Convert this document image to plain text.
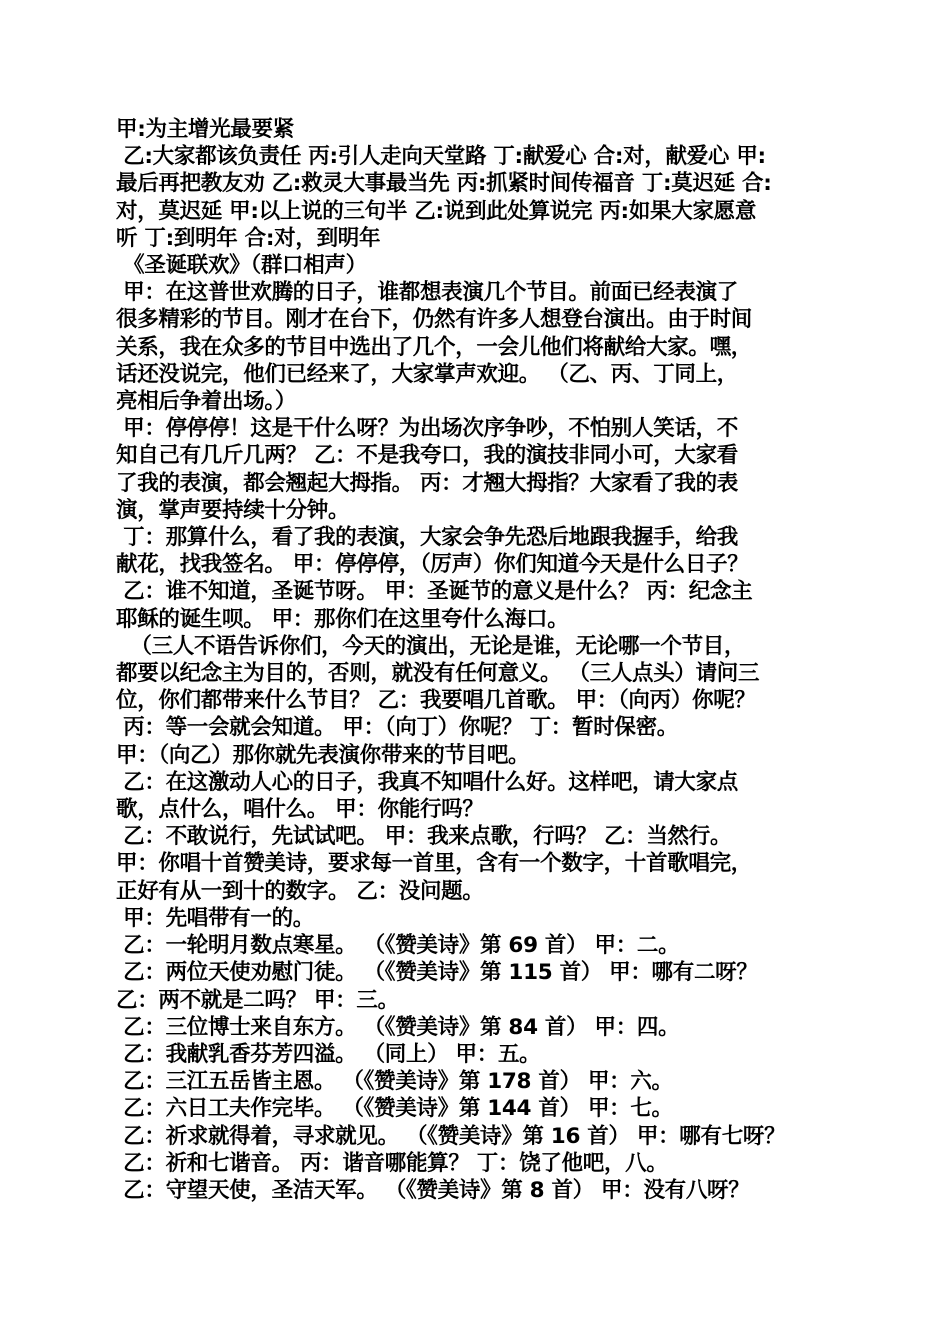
甲:为主增光最要紧

乙:大家都该负责任 丙:引人走向天堂路 丁:献爱心 合:对，献爱心 甲:

最后再把教友劝 乙:救灵大事最当先 丙:抓紧时间传福音 丁:莫迟延 合:

对，莫迟延 甲:以上说的三句半 乙:说到此处算说完 丙:如果大家愿意

听 丁:到明年 合:对，到明年

《圣诞联欢》（群口相声）

甲：在这普世欢腾的日子，谁都想表演几个节目。前面已经表演了

很多精彩的节目。刚才在台下，仍然有许多人想登台演出。由于时间

关系，我在众多的节目中选出了几个，一会儿他们将献给大家。嘿，

话还没说完，他们已经来了，大家掌声欢迎。 （乙、丙、丁同上，

亮相后争着出场。）

甲：停停停！这是干什么呀？为出场次序争吵，不怕别人笑话，不

知自己有几斤几两？ 乙：不是我夸口，我的演技非同小可，大家看

了我的表演，都会翘起大拇指。 丙：才翘大拇指？大家看了我的表

演，掌声要持续十分钟。

丁：那算什么，看了我的表演，大家会争先恐后地跟我握手，给我

献花，找我签名。 甲：停停停，（厉声）你们知道今天是什么日子？

乙：谁不知道，圣诞节呀。 甲：圣诞节的意义是什么？ 丙：纪念主

耶稣的诞生呗。 甲：那你们在这里夸什么海口。

（三人不语告诉你们，今天的演出，无论是谁，无论哪一个节目，

都要以纪念主为目的，否则，就没有任何意义。 （三人点头）请问三

位，你们都带来什么节目？ 乙：我要唱几首歌。 甲：（向丙）你呢？

丙：等一会就会知道。 甲：（向丁）你呢？ 丁：暂时保密。

甲：（向乙）那你就先表演你带来的节目吧。

乙：在这激动人心的日子，我真不知唱什么好。这样吧，请大家点

歌，点什么，唱什么。 甲：你能行吗？

乙：不敢说行，先试试吧。 甲：我来点歌，行吗？ 乙：当然行。

甲：你唱十首赞美诗，要求每一首里，含有一个数字，十首歌唱完，

正好有从一到十的数字。 乙：没问题。

甲：先唱带有一的。

乙：一轮明月数点寒星。 （《赞美诗》第 69 首） 甲：二。

乙：两位天使劝慰门徒。 （《赞美诗》第 115 首） 甲：哪有二呀？

乙：两不就是二吗？ 甲：三。

乙：三位博士来自东方。 （《赞美诗》第 84 首） 甲：四。

乙：我献乳香芬芳四溢。 （同上） 甲：五。

乙：三江五岳皆主恩。 （《赞美诗》第 178 首） 甲：六。

乙：六日工夫作完毕。 （《赞美诗》第 144 首） 甲：七。

乙：祈求就得着，寻求就见。 （《赞美诗》第 16 首） 甲：哪有七呀？

乙：祈和七谐音。 丙：谐音哪能算？ 丁：饶了他吧，八。

乙：守望天使，圣洁天军。 （《赞美诗》第 8 首） 甲：没有八呀？
